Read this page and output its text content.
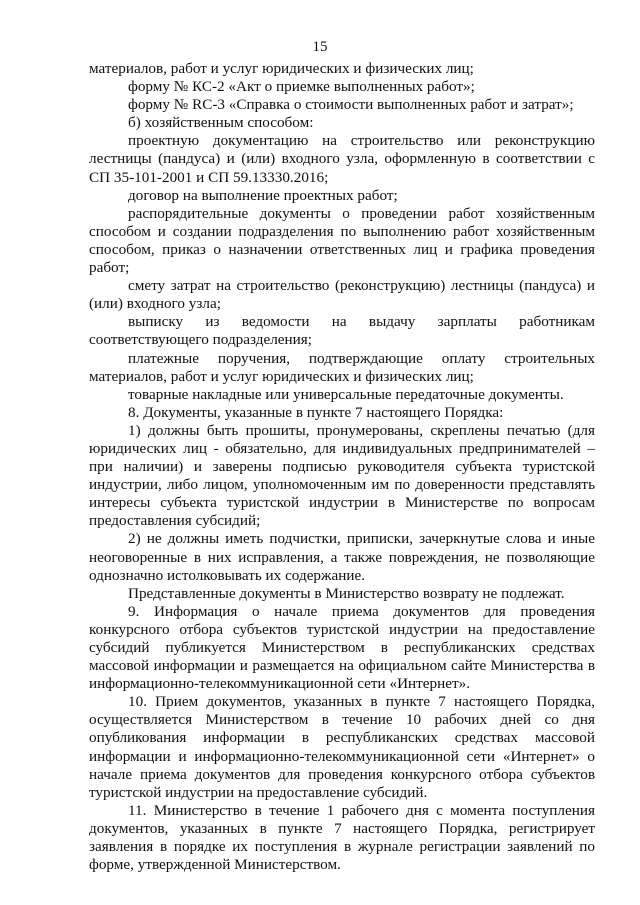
15

материалов, работ и услуг юридических и физических лиц;

форму № КС-2 «Акт о приемке выполненных работ»;

форму № RC-3 «Справка о стоимости выполненных работ и затрат»;

б) хозяйственным способом:

проектную документацию на строительство или реконструкцию лестницы (пандуса) и (или) входного узла, оформленную в соответствии с СП 35-101-2001 и СП 59.13330.2016;

договор на выполнение проектных работ;

распорядительные документы о проведении работ хозяйственным способом и создании подразделения по выполнению работ хозяйственным способом, приказ о назначении ответственных лиц и графика проведения работ;

смету затрат на строительство (реконструкцию) лестницы (пандуса) и (или) входного узла;

выписку из ведомости на выдачу зарплаты работникам соответствующего подразделения;

платежные поручения, подтверждающие оплату строительных материалов, работ и услуг юридических и физических лиц;

товарные накладные или универсальные передаточные документы.

8. Документы, указанные в пункте 7 настоящего Порядка:

1) должны быть прошиты, пронумерованы, скреплены печатью (для юридических лиц - обязательно, для индивидуальных предпринимателей – при наличии) и заверены подписью руководителя субъекта туристской индустрии, либо лицом, уполномоченным им по доверенности представлять интересы субъекта туристской индустрии в Министерстве по вопросам предоставления субсидий;

2) не должны иметь подчистки, приписки, зачеркнутые слова и иные неоговоренные в них исправления, а также повреждения, не позволяющие однозначно истолковывать их содержание.

Представленные документы в Министерство возврату не подлежат.

9. Информация о начале приема документов для проведения конкурсного отбора субъектов туристской индустрии на предоставление субсидий публикуется Министерством в республиканских средствах массовой информации и размещается на официальном сайте Министерства в информационно-телекоммуникационной сети «Интернет».

10. Прием документов, указанных в пункте 7 настоящего Порядка, осуществляется Министерством в течение 10 рабочих дней со дня опубликования информации в республиканских средствах массовой информации и информационно-телекоммуникационной сети «Интернет» о начале приема документов для проведения конкурсного отбора субъектов туристской индустрии на предоставление субсидий.

11. Министерство в течение 1 рабочего дня с момента поступления документов, указанных в пункте 7 настоящего Порядка, регистрирует заявления в порядке их поступления в журнале регистрации заявлений по форме, утвержденной Министерством.
